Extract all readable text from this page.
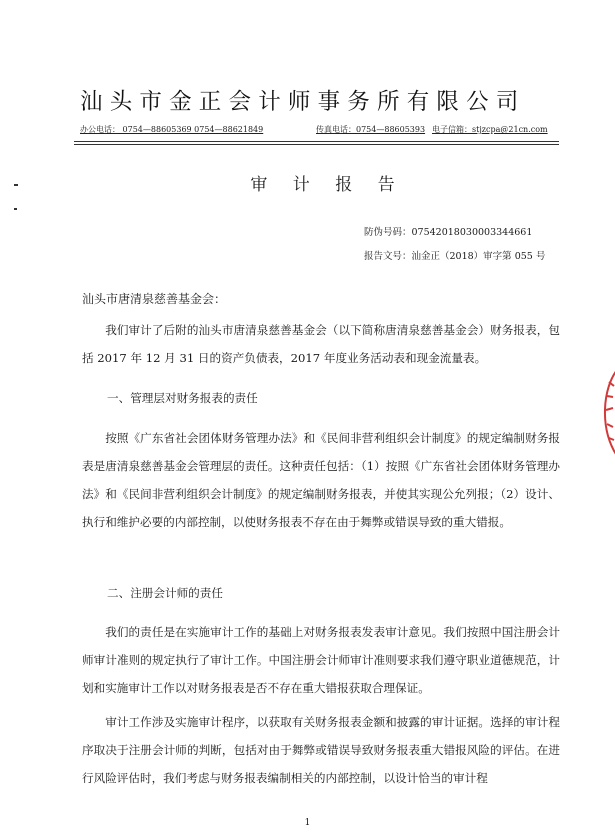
汕头市金正会计师事务所有限公司
办公电话： 0754—88605369 0754—88621849	传真电话：0754—88605393 电子信箱：stjzcpa@21cn.com
审 计 报 告
防伪号码：07542018030003344661
报告文号：汕金正（2018）审字第 055 号
汕头市唐清泉慈善基金会：

我们审计了后附的汕头市唐清泉慈善基金会（以下简称唐清泉慈善基金会）财务报表，包括 2017 年 12 月 31 日的资产负债表，2017 年度业务活动表和现金流量表。

一、管理层对财务报表的责任

按照《广东省社会团体财务管理办法》和《民间非营利组织会计制度》的规定编制财务报表是唐清泉慈善基金会管理层的责任。这种责任包括：（1）按照《广东省社会团体财务管理办法》和《民间非营利组织会计制度》的规定编制财务报表，并使其实现公允列报；（2）设计、执行和维护必要的内部控制，以使财务报表不存在由于舞弊或错误导致的重大错报。

二、注册会计师的责任

我们的责任是在实施审计工作的基础上对财务报表发表审计意见。我们按照中国注册会计师审计准则的规定执行了审计工作。中国注册会计师审计准则要求我们遵守职业道德规范，计划和实施审计工作以对财务报表是否不存在重大错报获取合理保证。

审计工作涉及实施审计程序，以获取有关财务报表金额和披露的审计证据。选择的审计程序取决于注册会计师的判断，包括对由于舞弊或错误导致财务报表重大错报风险的评估。在进行风险评估时，我们考虑与财务报表编制相关的内部控制，以设计恰当的审计程

1
